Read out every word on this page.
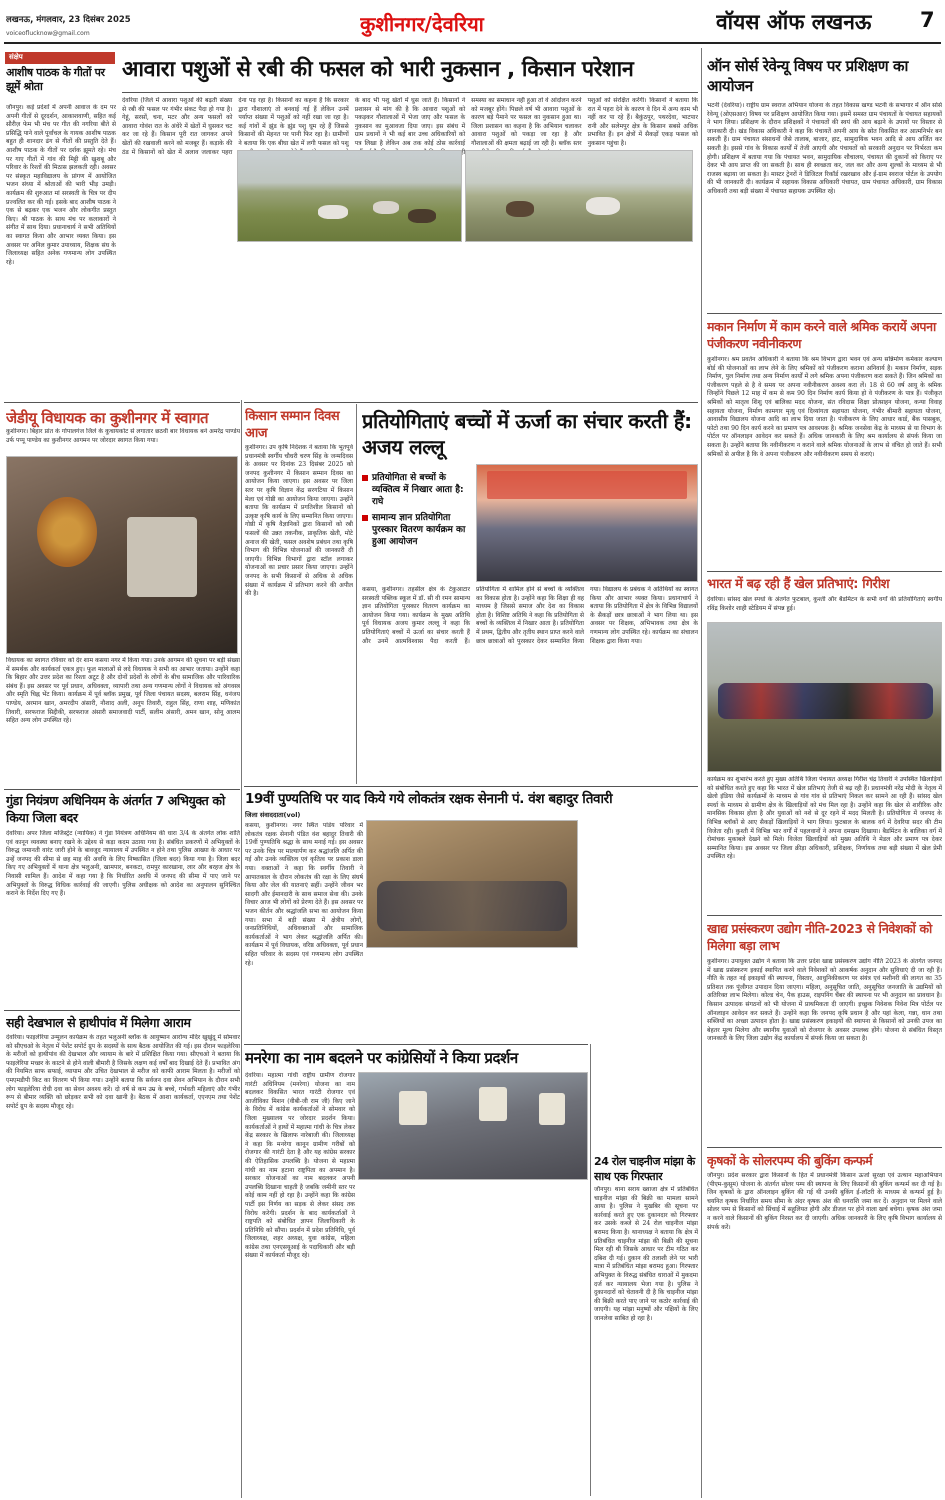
लखनऊ, मंगलवार, 23 दिसंबर 2025
voiceoflucknow@gmail.com	कुशीनगर/देवरिया	वॉयस ऑफ लखनऊ	7
संक्षेप
आशीष पाठक के गीतों पर झूमें श्रोता
जौनपुर। कई प्रदेशों में अपनी आवाज के दम पर अपनी गीतों से दूरदर्शन, आकाशवाणी, सहित कई सौरीज़ फेम भी मंच पर गीत की नगरिया बीते से प्रसिद्धि पाने वाले पूर्वांचल के गायक आशीष पाठक बहुत ही शानदार ढंग से गीतों की प्रस्तुति देते हैं। आशीष पाठक के गीतों पर दर्शक झूमते रहे। मंच पर गाए गीतों में गांव की मिट्टी की खुशबू और परिवार के रिश्तों की मिठास झलकती रही। अवसर पर संस्कृत महाविद्यालय के प्रांगण में आयोजित भजन संध्या में श्रोताओं की भारी भीड़ उमड़ी। कार्यक्रम की शुरुआत मां सरस्वती के चित्र पर दीप प्रज्वलित कर की गई। इसके बाद आशीष पाठक ने एक से बढ़कर एक भजन और लोकगीत प्रस्तुत किए। श्री पाठक के साथ मंच पर कलाकारों ने संगीत में साथ दिया। प्रधानाचार्य ने सभी अतिथियों का स्वागत किया और आभार व्यक्त किया। इस अवसर पर अनिल कुमार उपाध्याय, शिक्षक संघ के जिलाध्यक्ष सहित अनेक गणमान्य लोग उपस्थित रहे।
आवारा पशुओं से रबी की फसल को भारी नुकसान , किसान परेशान
देवरिया (जिले में आवारा पशुओं की बढ़ती संख्या से रबी की फसल पर गंभीर संकट पैदा हो गया है। गेहूं, सरसों, चना, मटर और अन्य फसलों को आवारा गोवंश रात के अंधेरे में खेतों में घुसकर चट कर जा रहे हैं। किसान पूरी रात जागकर अपने खेतों की रखवाली करने को मजबूर हैं। कड़ाके की ठंड में किसानों को खेत में अलाव जलाकर पहरा देना पड़ रहा है। किसानों का कहना है कि सरकार द्वारा गौशालाएं तो बनवाई गई हैं लेकिन उनमें पर्याप्त संख्या में पशुओं को नहीं रखा जा रहा है। कई गांवों में झुंड के झुंड पशु घूम रहे हैं जिससे किसानों की मेहनत पर पानी फिर रहा है। ग्रामीणों ने बताया कि एक बीघा खेत में लगी फसल को पशु के बाद भी पशु खेतों में घुस जाते हैं। किसानों ने प्रशासन से मांग की है कि आवारा पशुओं को पकड़कर गौशालाओं में भेजा जाए और फसल के नुकसान का मुआवजा दिया जाए। इस संबंध में ग्राम प्रधानों ने भी कई बार उच्च अधिकारियों को पत्र लिखा है लेकिन अब तक कोई ठोस कार्रवाई ही समस्या का समाधान नहीं हुआ तो वे आंदोलन करने को मजबूर होंगे। पिछले वर्ष भी आवारा पशुओं के कारण बड़े पैमाने पर फसल का नुकसान हुआ था। जिला प्रशासन का कहना है कि अभियान चलाकर आवारा पशुओं को पकड़ा जा रहा है और गौशालाओं की क्षमता बढ़ाई जा रही है। ब्लॉक स्तर पशुओं को संरक्षित करेंगी। किसानों ने बताया कि रात में पहरा देने के कारण वे दिन में अन्य काम भी नहीं कर पा रहे हैं। बैकुंठपुर, पथरदेवा, भाटपार रानी और सलेमपुर क्षेत्र के किसान सबसे अधिक प्रभावित हैं। इन क्षेत्रों में सैकड़ों एकड़ फसल को नुकसान पहुंचा है।
ऑन सोर्स रेवेन्यू विषय पर प्रशिक्षण का आयोजन
भटनी (देवरिया)। राष्ट्रीय ग्राम स्वराज अभियान योजना के तहत विकास खण्ड भटनी के सभागार में ऑन सोर्स रेवेन्यू (ओएसआर) विषय पर प्रशिक्षण आयोजित किया गया। इसमें समस्त ग्राम पंचायतों के पंचायत सहायकों ने भाग लिया। प्रशिक्षण के दौरान प्रशिक्षकों ने पंचायतों की स्वयं की आय बढ़ाने के उपायों पर विस्तार से जानकारी दी। खंड विकास अधिकारी ने कहा कि पंचायतें अपनी आय के स्रोत विकसित कर आत्मनिर्भर बन सकती हैं। ग्राम पंचायत संसाधनों जैसे तालाब, बाजार, हाट, सामुदायिक भवन आदि से आय अर्जित कर सकती है। इससे गांव के विकास कार्यों में तेजी आएगी और पंचायतों को सरकारी अनुदान पर निर्भरता कम होगी। प्रशिक्षण में बताया गया कि पंचायत भवन, सामुदायिक शौचालय, पंचायत की दुकानों को किराए पर देकर भी आय प्राप्त की जा सकती है। साथ ही स्वच्छता कर, जल कर और अन्य शुल्कों के माध्यम से भी राजस्व बढ़ाया जा सकता है। मास्टर ट्रेनरों ने डिजिटल रिकॉर्ड रखरखाव और ई-ग्राम स्वराज पोर्टल के उपयोग की भी जानकारी दी। कार्यक्रम में सहायक विकास अधिकारी पंचायत, ग्राम पंचायत अधिकारी, ग्राम विकास अधिकारी तथा बड़ी संख्या में पंचायत सहायक उपस्थित रहे।
मकान निर्माण में काम करने वाले श्रमिक करायें अपना पंजीकरण नवीनीकरण
कुशीनगर। श्रम प्रवर्तन अधिकारी ने बताया कि श्रम विभाग द्वारा भवन एवं अन्य सन्निर्माण कर्मकार कल्याण बोर्ड की योजनाओं का लाभ लेने के लिए श्रमिकों को पंजीकरण कराना अनिवार्य है। मकान निर्माण, सड़क निर्माण, पुल निर्माण तथा अन्य निर्माण कार्यों में लगे श्रमिक अपना पंजीकरण करा सकते हैं। जिन श्रमिकों का पंजीकरण पहले से है वे समय पर अपना नवीनीकरण अवश्य करा लें। 18 से 60 वर्ष आयु के श्रमिक जिन्होंने पिछले 12 माह में कम से कम 90 दिन निर्माण कार्य किया हो वे पंजीकरण के पात्र हैं। पंजीकृत श्रमिकों को मातृत्व शिशु एवं बालिका मदद योजना, संत रविदास शिक्षा प्रोत्साहन योजना, कन्या विवाह सहायता योजना, निर्माण कामगार मृत्यु एवं दिव्यांगता सहायता योजना, गंभीर बीमारी सहायता योजना, आवासीय विद्यालय योजना आदि का लाभ दिया जाता है। पंजीकरण के लिए आधार कार्ड, बैंक पासबुक, फोटो तथा 90 दिन कार्य करने का प्रमाण पत्र आवश्यक है। श्रमिक जनसेवा केंद्र के माध्यम से या विभाग के पोर्टल पर ऑनलाइन आवेदन कर सकते हैं। अधिक जानकारी के लिए श्रम कार्यालय से संपर्क किया जा सकता है। उन्होंने बताया कि नवीनीकरण न कराने वाले श्रमिक योजनाओं के लाभ से वंचित हो जाते हैं। सभी श्रमिकों से अपील है कि वे अपना पंजीकरण और नवीनीकरण समय से कराएं।
भारत में बढ़ रही हैं खेल प्रतिभाएं: गिरीश
देवरिया। सांसद खेल स्पर्धा के अंतर्गत फुटबाल, कुश्ती और बैडमिंटन के सभी वर्गों की प्रतियोगिताएं स्वर्गीय रविंद्र किशोर शाही स्टेडियम में संपन्न हुई।
कार्यक्रम का शुभारंभ करते हुए मुख्य अतिथि जिला पंचायत अध्यक्ष गिरीश चंद्र तिवारी ने उपस्थित खिलाड़ियों को संबोधित करते हुए कहा कि भारत में खेल प्रतिभाएं तेजी से बढ़ रही हैं। प्रधानमंत्री नरेंद्र मोदी के नेतृत्व में खेलो इंडिया जैसे कार्यक्रमों के माध्यम से गांव गांव से प्रतिभाएं निकल कर सामने आ रही हैं। सांसद खेल स्पर्धा के माध्यम से ग्रामीण क्षेत्र के खिलाड़ियों को मंच मिल रहा है। उन्होंने कहा कि खेल से शारीरिक और मानसिक विकास होता है और युवाओं को नशे से दूर रहने में मदद मिलती है। प्रतियोगिता में जनपद के विभिन्न ब्लॉकों से आए सैकड़ों खिलाड़ियों ने भाग लिया। फुटबाल के बालक वर्ग में देवरिया सदर की टीम विजेता रही। कुश्ती में विभिन्न भार वर्गों में पहलवानों ने अपना दमखम दिखाया। बैडमिंटन के बालिका वर्ग में रोमांचक मुकाबले देखने को मिले। विजेता खिलाड़ियों को मुख्य अतिथि ने मेडल और प्रमाण पत्र देकर सम्मानित किया। इस अवसर पर जिला क्रीड़ा अधिकारी, प्रशिक्षक, निर्णायक तथा बड़ी संख्या में खेल प्रेमी उपस्थित रहे।
खाद्य प्रसंस्करण उद्योग नीति-2023 से निवेशकों को मिलेगा बड़ा लाभ
कुशीनगर। उपायुक्त उद्योग ने बताया कि उत्तर प्रदेश खाद्य प्रसंस्करण उद्योग नीति 2023 के अंतर्गत जनपद में खाद्य प्रसंस्करण इकाई स्थापित करने वाले निवेशकों को आकर्षक अनुदान और सुविधाएं दी जा रही हैं। नीति के तहत नई इकाइयों की स्थापना, विस्तार, आधुनिकीकरण पर संयंत्र एवं मशीनरी की लागत का 35 प्रतिशत तक पूंजीगत उपादान दिया जाएगा। महिला, अनुसूचित जाति, अनुसूचित जनजाति के उद्यमियों को अतिरिक्त लाभ मिलेगा। कोल्ड चेन, पैक हाउस, राइपनिंग चैंबर की स्थापना पर भी अनुदान का प्रावधान है। किसान उत्पादक संगठनों को भी योजना में प्राथमिकता दी जाएगी। इच्छुक निवेशक निवेश मित्र पोर्टल पर ऑनलाइन आवेदन कर सकते हैं। उन्होंने कहा कि जनपद कृषि प्रधान है और यहां केला, गन्ना, धान तथा सब्जियों का अच्छा उत्पादन होता है। खाद्य प्रसंस्करण इकाइयों की स्थापना से किसानों को उनकी उपज का बेहतर मूल्य मिलेगा और स्थानीय युवाओं को रोजगार के अवसर उपलब्ध होंगे। योजना से संबंधित विस्तृत जानकारी के लिए जिला उद्योग केंद्र कार्यालय में संपर्क किया जा सकता है।
कृषकों के सोलरपम्प की बुकिंग कन्फर्म
जौनपुर। प्रदेश सरकार द्वारा किसानों के हित में प्रधानमंत्री किसान ऊर्जा सुरक्षा एवं उत्थान महाअभियान (पीएम-कुसुम) योजना के अंतर्गत सोलर पम्प की स्थापना के लिए किसानों की बुकिंग कन्फर्म कर दी गई है। जिन कृषकों के द्वारा ऑनलाइन बुकिंग की गई थी उनकी बुकिंग ई-लॉटरी के माध्यम से कन्फर्म हुई है। चयनित कृषक निर्धारित समय सीमा के अंदर कृषक अंश की धनराशि जमा कर दें। अनुदान पर मिलने वाले सोलर पम्प से किसानों को सिंचाई में सहूलियत होगी और डीजल पर होने वाला खर्च बचेगा। कृषक अंश जमा न करने वाले किसानों की बुकिंग निरस्त कर दी जाएगी। अधिक जानकारी के लिए कृषि विभाग कार्यालय से संपर्क करें।
जेडीयू विधायक का कुशीनगर में स्वागत
कुशीनगर। बिहार प्रांत के गोपालगंज जिले के कुचायकोट से लगातार छठवीं बार विधायक बने अमरेंद्र पाण्डेय उर्फ पप्पू पाण्डेय का कुशीनगर आगमन पर जोरदार स्वागत किया गया।
विधायक का स्वागत रविवार को देर शाम कसया नगर में किया गया। उनके आगमन की सूचना पर बड़ी संख्या में समर्थक और कार्यकर्ता एकत्र हुए। फूल मालाओं से लदे विधायक ने सभी का आभार जताया। उन्होंने कहा कि बिहार और उत्तर प्रदेश का रिश्ता अटूट है और दोनों प्रदेशों के लोगों के बीच सामाजिक और पारिवारिक संबंध हैं। इस अवसर पर पूर्व प्रधान, अधिवक्ता, व्यापारी तथा अन्य गणमान्य लोगों ने विधायक को अंगवस्त्र और स्मृति चिह्न भेंट किया। कार्यक्रम में पूर्व ब्लॉक प्रमुख, पूर्व जिला पंचायत सदस्य, बलराम सिंह, धनंजय पाण्डेय, अरमान खान, अमरदीप अंसारी, नौशाद अली, अनूप तिवारी, राहुल सिंह, राणा शाह, मणिकांत तिवारी, सरफराज सिद्दीकी, सरफराज अंसारी समाजवादी पार्टी, सलीम अंसारी, अमन खान, सोनू आलम सहित अन्य लोग उपस्थित रहे।
गुंडा नियंत्रण अधिनियम के अंतर्गत 7 अभियुक्त को किया जिला बदर
देवरिया। अपर जिला मजिस्ट्रेट (न्यायिक) ने गुंडा नियंत्रण अधिनियम की धारा 3/4 के अंतर्गत लोक शांति एवं कानून व्यवस्था बनाए रखने के उद्देश्य से कड़ा कदम उठाया गया है। संबंधित प्रकरणों में अभियुक्तों के विरुद्ध जमानती वारंट जारी होने के बावजूद न्यायालय में उपस्थित न होने तथा पुलिस आख्या के आधार पर उन्हें जनपद की सीमा से छह माह की अवधि के लिए निष्कासित (जिला बदर) किया गया है। जिला बदर किए गए अभियुक्तों में थाना क्षेत्र भलुअनी, खामपार, बनकटा, रामपुर कारखाना, लार और बरहज क्षेत्र के निवासी शामिल हैं। आदेश में कहा गया है कि निर्धारित अवधि में जनपद की सीमा में पाए जाने पर अभियुक्तों के विरुद्ध विधिक कार्रवाई की जाएगी। पुलिस अधीक्षक को आदेश का अनुपालन सुनिश्चित कराने के निर्देश दिए गए हैं।
सही देखभाल से हाथीपांव में मिलेगा आराम
देवरिया। फाइलेरिया उन्मूलन कार्यक्रम के तहत भलुअनी ब्लॉक के आयुष्मान आरोग्य मंदिर खुखुंदू में सोमवार को सीएचओ के नेतृत्व में पेशेंट सपोर्ट ग्रुप के सदस्यों के साथ बैठक आयोजित की गई। इस दौरान फाइलेरिया के मरीजों को हाथीपांव की देखभाल और व्यायाम के बारे में प्रशिक्षित किया गया। सीएचओ ने बताया कि फाइलेरिया मच्छर के काटने से होने वाली बीमारी है जिसके लक्षण कई वर्षों बाद दिखाई देते हैं। प्रभावित अंग की नियमित साफ सफाई, व्यायाम और उचित देखभाल से मरीज को काफी आराम मिलता है। मरीजों को एमएमडीपी किट का वितरण भी किया गया। उन्होंने बताया कि सर्वजन दवा सेवन अभियान के दौरान सभी लोग फाइलेरिया रोधी दवा का सेवन अवश्य करें। दो वर्ष से कम उम्र के बच्चे, गर्भवती महिलाएं और गंभीर रूप से बीमार व्यक्ति को छोड़कर सभी को दवा खानी है। बैठक में आशा कार्यकर्ता, एएनएम तथा पेशेंट सपोर्ट ग्रुप के सदस्य मौजूद रहे।
किसान सम्मान दिवस आज
कुशीनगर। उप कृषि निदेशक ने बताया कि भूतपूर्व प्रधानमंत्री स्वर्गीय चौधरी चरण सिंह के जन्मदिवस के अवसर पर दिनांक 23 दिसंबर 2025 को जनपद कुशीनगर में किसान सम्मान दिवस का आयोजन किया जाएगा। इस अवसर पर जिला स्तर पर कृषि विज्ञान केंद्र सरगटिया में किसान मेला एवं गोष्ठी का आयोजन किया जाएगा। उन्होंने बताया कि कार्यक्रम में प्रगतिशील किसानों को उत्कृष्ट कृषि कार्य के लिए सम्मानित किया जाएगा। गोष्ठी में कृषि वैज्ञानिकों द्वारा किसानों को रबी फसलों की उन्नत तकनीक, प्राकृतिक खेती, मोटे अनाज की खेती, फसल अवशेष प्रबंधन तथा कृषि विभाग की विभिन्न योजनाओं की जानकारी दी जाएगी। विभिन्न विभागों द्वारा स्टॉल लगाकर योजनाओं का प्रचार प्रसार किया जाएगा। उन्होंने जनपद के सभी किसानों से अधिक से अधिक संख्या में कार्यक्रम में प्रतिभाग करने की अपील की है।
प्रतियोगिताएं बच्चों में ऊर्जा का संचार करती हैं: अजय लल्लू
प्रतियोगिता से बच्चों के व्यक्तित्व में निखार आता है: राघे
सामान्य ज्ञान प्रतियोगिता पुरस्कार वितरण कार्यक्रम का हुआ आयोजन
कसया, कुशीनगर। तहसील क्षेत्र के टेकुआटार सरस्वती पब्लिक स्कूल में डॉ. सी वी रमन सामान्य ज्ञान प्रतियोगिता पुरस्कार वितरण कार्यक्रम का आयोजन किया गया। कार्यक्रम के मुख्य अतिथि पूर्व विधायक अजय कुमार लल्लू ने कहा कि प्रतियोगिताएं बच्चों में ऊर्जा का संचार करती हैं और उनमें आत्मविश्वास पैदा करती हैं। प्रतियोगिता में शामिल होने से बच्चों के व्यक्तित्व का विकास होता है। उन्होंने कहा कि शिक्षा ही वह माध्यम है जिससे समाज और देश का विकास होता है। विशिष्ट अतिथि ने कहा कि प्रतियोगिता से बच्चों के व्यक्तित्व में निखार आता है। प्रतियोगिता में प्रथम, द्वितीय और तृतीय स्थान प्राप्त करने वाले छात्र छात्राओं को पुरस्कार देकर सम्मानित किया गया। विद्यालय के प्रबंधक ने अतिथियों का स्वागत किया और आभार व्यक्त किया। प्रधानाचार्य ने बताया कि प्रतियोगिता में क्षेत्र के विभिन्न विद्यालयों के सैकड़ों छात्र छात्राओं ने भाग लिया था। इस अवसर पर शिक्षक, अभिभावक तथा क्षेत्र के गणमान्य लोग उपस्थित रहे। कार्यक्रम का संचालन शिक्षक द्वारा किया गया।
19वीं पुण्यतिथि पर याद किये गये लोकतंत्र रक्षक सेनानी पं. वंश बहादुर तिवारी
जिला संवाददाता(vol)
कसया, कुशीनगर। नगर स्थित पांडेय परिवार में लोकतंत्र रक्षक सेनानी पंडित वंश बहादुर तिवारी की 19वीं पुण्यतिथि श्रद्धा के साथ मनाई गई। इस अवसर पर उनके चित्र पर माल्यार्पण कर श्रद्धांजलि अर्पित की गई और उनके व्यक्तित्व एवं कृतित्व पर प्रकाश डाला गया। वक्ताओं ने कहा कि स्वर्गीय तिवारी ने आपातकाल के दौरान लोकतंत्र की रक्षा के लिए संघर्ष किया और जेल की यातनाएं सहीं। उन्होंने जीवन भर सादगी और ईमानदारी के साथ समाज सेवा की। उनके विचार आज भी लोगों को प्रेरणा देते हैं। इस अवसर पर भजन कीर्तन और श्रद्धांजलि सभा का आयोजन किया गया। सभा में बड़ी संख्या में क्षेत्रीय लोगों, जनप्रतिनिधियों, अधिवक्ताओं और सामाजिक कार्यकर्ताओं ने भाग लेकर श्रद्धांजलि अर्पित की। कार्यक्रम में पूर्व विधायक, वरिष्ठ अधिवक्ता, पूर्व प्रधान सहित परिवार के सदस्य एवं गणमान्य लोग उपस्थित रहे।
मनरेगा का नाम बदलने पर कांग्रेसियों ने किया प्रदर्शन
देवरिया। महात्मा गांधी राष्ट्रीय ग्रामीण रोजगार गारंटी अधिनियम (मनरेगा) योजना का नाम बदलकर विकसित भारत गारंटी रोजगार एवं आजीविका मिशन (वीबी-जी राम जी) किए जाने के विरोध में कांग्रेस कार्यकर्ताओं ने सोमवार को जिला मुख्यालय पर जोरदार प्रदर्शन किया। कार्यकर्ताओं ने हाथों में महात्मा गांधी के चित्र लेकर केंद्र सरकार के खिलाफ नारेबाजी की। जिलाध्यक्ष ने कहा कि मनरेगा कानून ग्रामीण गरीबों को रोजगार की गारंटी देता है और यह कांग्रेस सरकार की ऐतिहासिक उपलब्धि है। योजना से महात्मा गांधी का नाम हटाना राष्ट्रपिता का अपमान है। सरकार योजनाओं का नाम बदलकर अपनी उपलब्धि दिखाना चाहती है जबकि जमीनी स्तर पर कोई काम नहीं हो रहा है। उन्होंने कहा कि कांग्रेस पार्टी इस निर्णय का सड़क से लेकर संसद तक विरोध करेगी। प्रदर्शन के बाद कार्यकर्ताओं ने राष्ट्रपति को संबोधित ज्ञापन जिलाधिकारी के प्रतिनिधि को सौंपा। प्रदर्शन में प्रदेश प्रतिनिधि, पूर्व जिलाध्यक्ष, शहर अध्यक्ष, युवा कांग्रेस, महिला कांग्रेस तथा एनएसयूआई के पदाधिकारी और बड़ी संख्या में कार्यकर्ता मौजूद रहे।
24 रोल चाइनीज मांझा के साथ एक गिरफ्तार
जौनपुर। थाना सराय ख्वाजा क्षेत्र में प्रतिबंधित चाइनीज मांझा की बिक्री का मामला सामने आया है। पुलिस ने मुखबिर की सूचना पर कार्रवाई करते हुए एक दुकानदार को गिरफ्तार कर उसके कब्जे से 24 रोल चाइनीज मांझा बरामद किया है। थानाध्यक्ष ने बताया कि क्षेत्र में प्रतिबंधित चाइनीज मांझा की बिक्री की सूचना मिल रही थी जिसके आधार पर टीम गठित कर दबिश दी गई। दुकान की तलाशी लेने पर भारी मात्रा में प्रतिबंधित मांझा बरामद हुआ। गिरफ्तार अभियुक्त के विरुद्ध संबंधित धाराओं में मुकदमा दर्ज कर न्यायालय भेजा गया है। पुलिस ने दुकानदारों को चेतावनी दी है कि चाइनीज मांझा की बिक्री करते पाए जाने पर कठोर कार्रवाई की जाएगी। यह मांझा मनुष्यों और पक्षियों के लिए जानलेवा साबित हो रहा है।
